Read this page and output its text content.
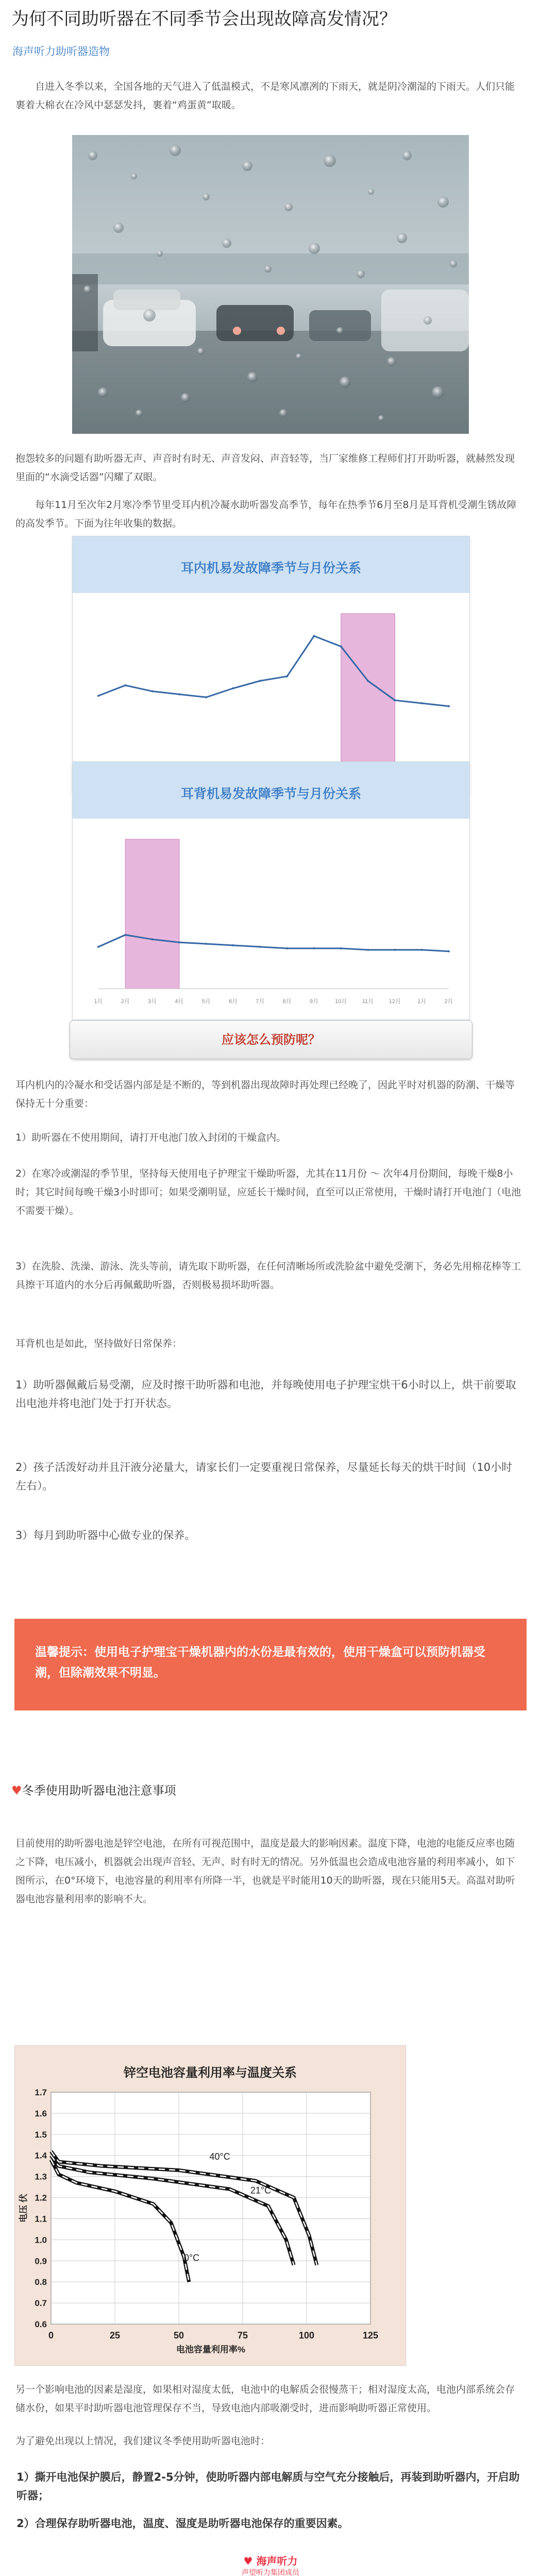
为何不同助听器在不同季节会出现故障高发情况？
海声听力助听器造物

自进入冬季以来，全国各地的天气进入了低温模式，不是寒风凛冽的下雨天，就是阴冷潮湿的下雨天。人们只能裹着大棉衣在冷风中瑟瑟发抖，裹着“鸡蛋黄”取暖。

抱怨较多的问题有助听器无声、声音时有时无、声音发闷、声音轻等，当厂家维修工程师们打开助听器，就赫然发现里面的“水滴受话器”闪耀了双眼。

每年11月至次年2月寒冷季节里受耳内机冷凝水助听器发高季节，每年在热季节6月至8月是耳背机受潮生锈故障的高发季节。下面为往年收集的数据。

耳内机易发故障季节与月份关系
耳背机易发故障季节与月份关系
1月	2月	3月	4月	5月	6月	7月	8月	9月	10月	11月	12月	1月	2月
应该怎么预防呢？

耳内机内的冷凝水和受话器内部是是不断的，等到机器出现故障时再处理已经晚了，因此平时对机器的防潮、干燥等保持无十分重要：

1）助听器在不使用期间，请打开电池门放入封闭的干燥盒内。

2）在寒冷或潮湿的季节里，坚持每天使用电子护理宝干燥助听器，尤其在11月份 ～ 次年4月份期间，每晚干燥8小时；其它时间每晚干燥3小时即可；如果受潮明显，应延长干燥时间，直至可以正常使用，干燥时请打开电池门（电池不需要干燥）。

3）在洗脸、洗澡、游泳、洗头等前，请先取下助听器，在任何清晰场所或洗脸盆中避免受潮下，务必先用棉花棒等工具擦干耳道内的水分后再佩戴助听器，否则极易损坏助听器。

耳背机也是如此，坚持做好日常保养：

1）助听器佩戴后易受潮，应及时擦干助听器和电池，并每晚使用电子护理宝烘干6小时以上，烘干前要取出电池并将电池门处于打开状态。

2）孩子活泼好动并且汗液分泌量大，请家长们一定要重视日常保养，尽量延长每天的烘干时间（10小时左右）。

3）每月到助听器中心做专业的保养。

温馨提示：使用电子护理宝干燥机器内的水份是最有效的，使用干燥盒可以预防机器受潮，但除潮效果不明显。
♥冬季使用助听器电池注意事项

目前使用的助听器电池是锌空电池，在所有可视范围中，温度是最大的影响因素。温度下降，电池的电能反应率也随之下降，电压减小，机器就会出现声音轻、无声、时有时无的情况。另外低温也会造成电池容量的利用率减小，如下图所示，在0°环境下，电池容量的利用率有所降一半，也就是平时能用10天的助听器，现在只能用5天。高温对助听器电池容量利用率的影响不大。

锌空电池容量利用率与温度关系
0.6
0.7
0.8
0.9
1.0
1.1
1.2
1.3
1.4
1.5
1.6
1.7
0	25	50	75	100	125
电池容量利用率%
电压 伏
0°C
21°C
40°C

另一个影响电池的因素是湿度，如果相对湿度太低，电池中的电解质会很慢蒸干；相对湿度太高，电池内部系统会存储水份，如果平时助听器电池管理保存不当，导致电池内部吸潮受时，进而影响助听器正常使用。

为了避免出现以上情况，我们建议冬季使用助听器电池时：

1）撕开电池保护膜后，静置2-5分钟，使助听器内部电解质与空气充分接触后，再装到助听器内，开启助听器；

2）合理保存助听器电池，温度、湿度是助听器电池保存的重要因素。

♥ 海声听力
声望听力集团成员
